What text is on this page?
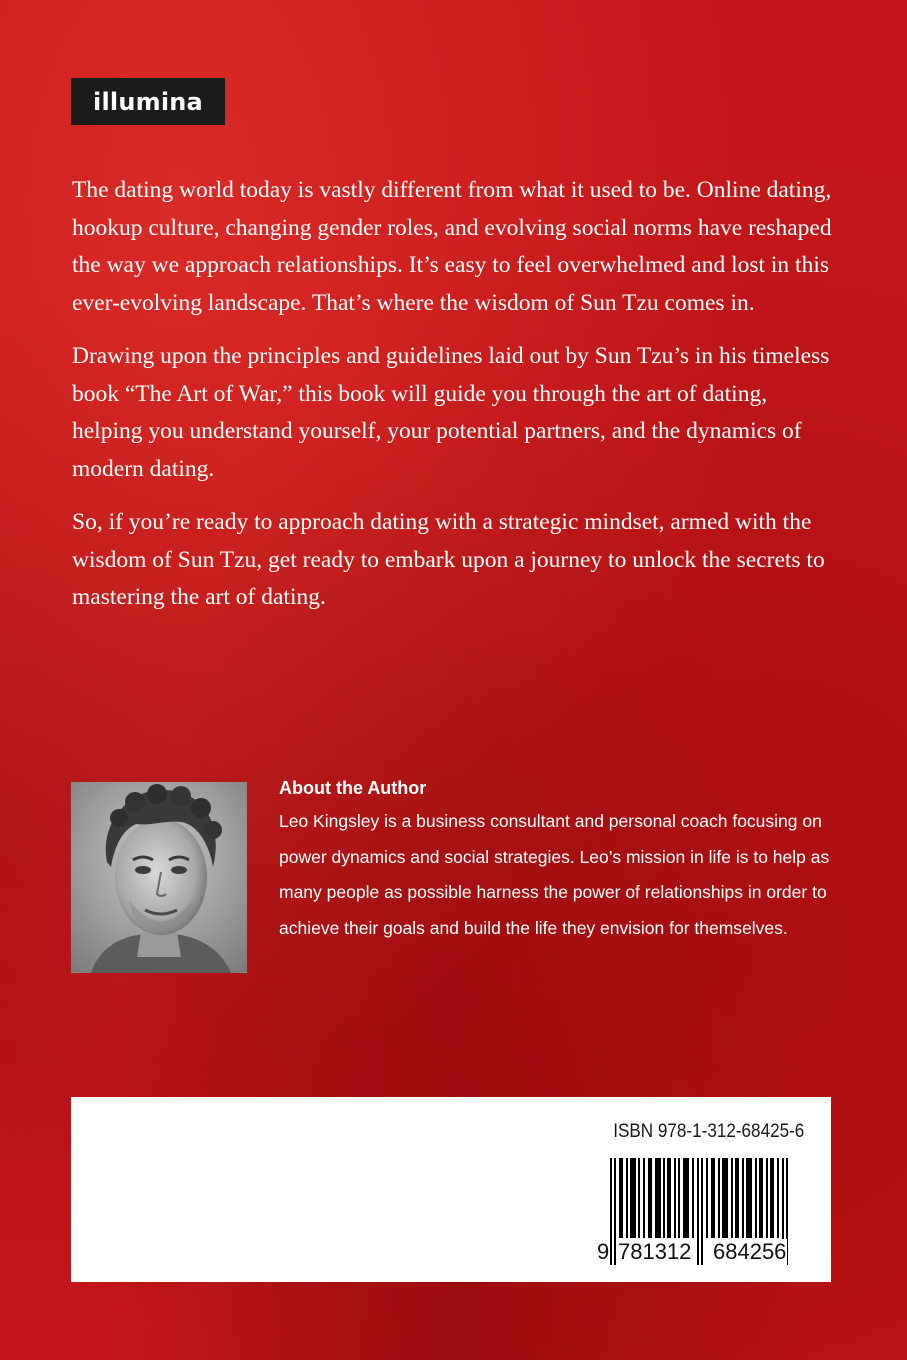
illumina

The dating world today is vastly different from what it used to be. Online dating, hookup culture, changing gender roles, and evolving social norms have reshaped the way we approach relationships. It’s easy to feel overwhelmed and lost in this ever-evolving landscape. That’s where the wisdom of Sun Tzu comes in.

Drawing upon the principles and guidelines laid out by Sun Tzu’s in his timeless book “The Art of War,” this book will guide you through the art of dating, helping you understand yourself, your potential partners, and the dynamics of modern dating.

So, if you’re ready to approach dating with a strategic mindset, armed with the wisdom of Sun Tzu, get ready to embark upon a journey to unlock the secrets to mastering the art of dating.

About the Author

Leo Kingsley is a business consultant and personal coach focusing on power dynamics and social strategies. Leo’s mission in life is to help as many people as possible harness the power of relationships in order to achieve their goals and build the life they envision for themselves.

ISBN 978-1-312-68425-6
9 781312 684256
